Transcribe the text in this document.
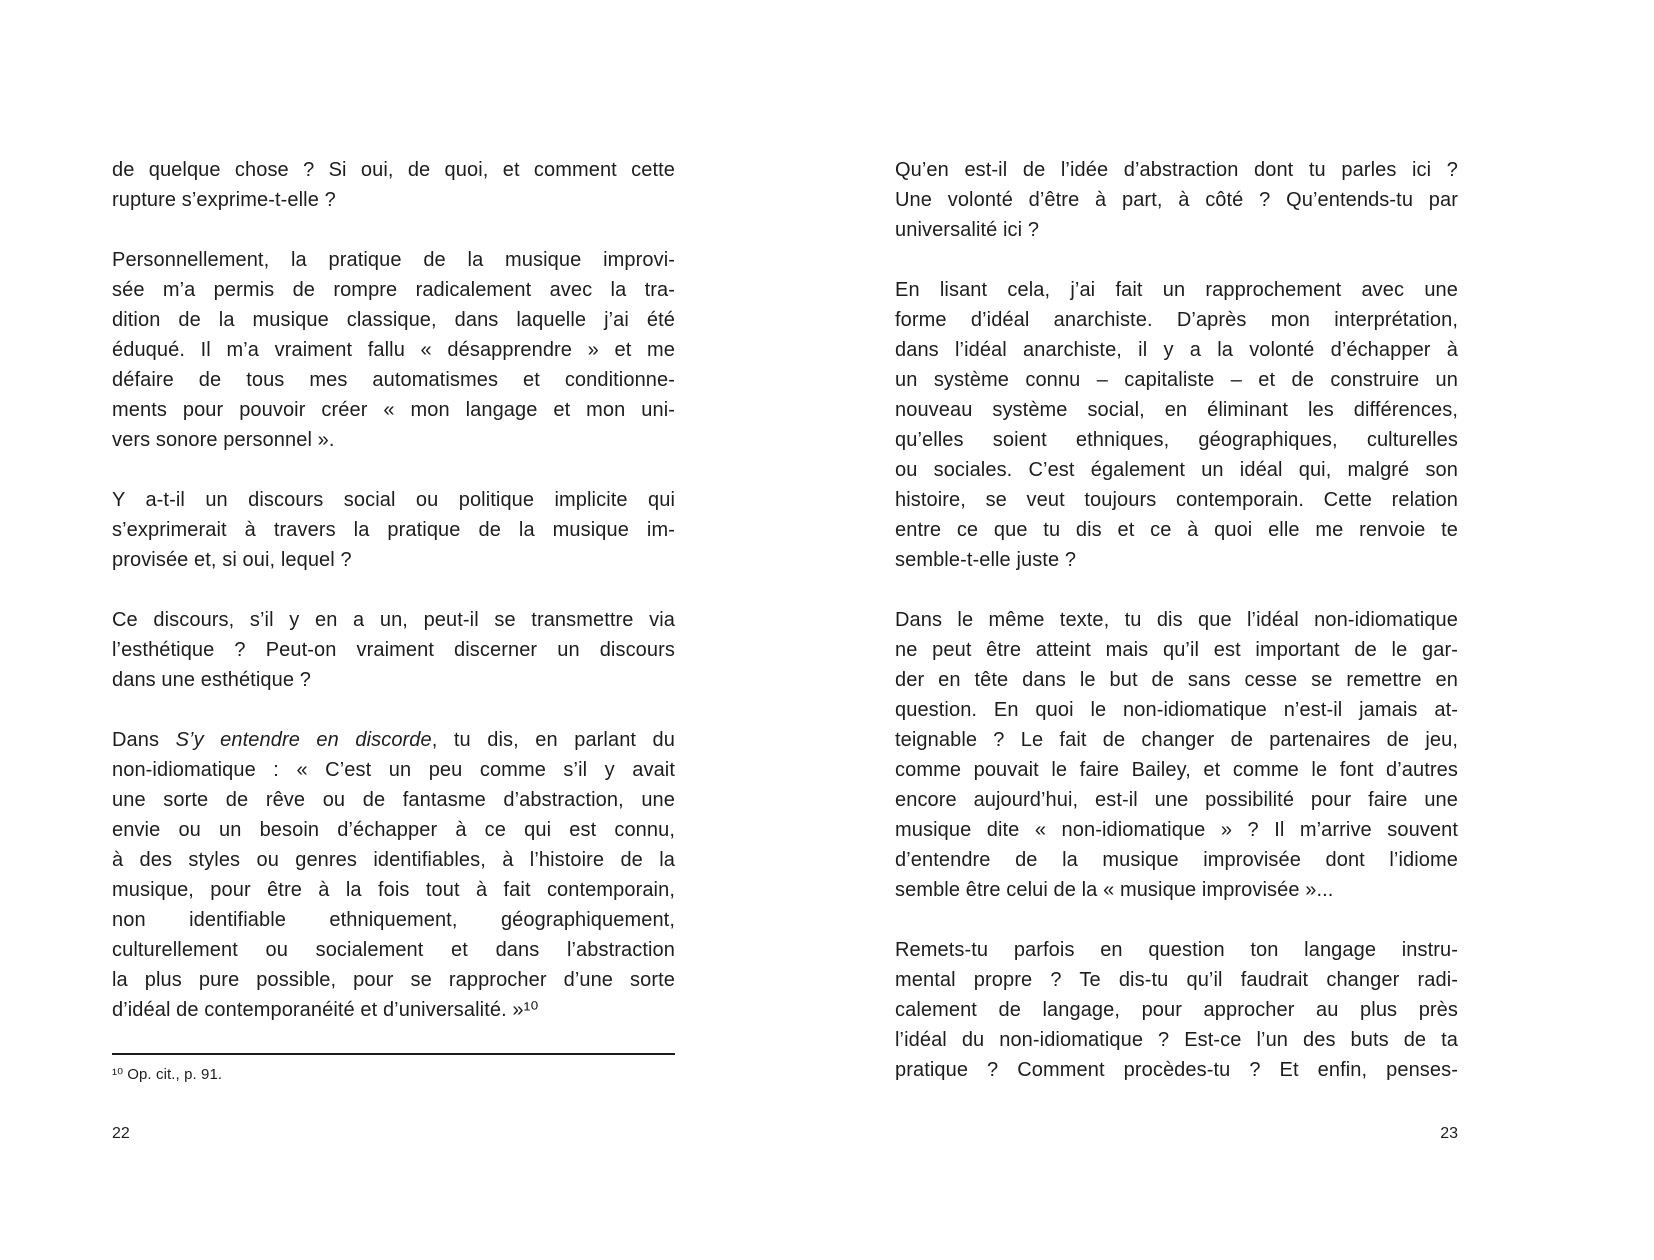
de quelque chose ? Si oui, de quoi, et comment cette
rupture s’exprime-t-elle ?

Personnellement, la pratique de la musique improvi-
sée m’a permis de rompre radicalement avec la tra-
dition de la musique classique, dans laquelle j’ai été
éduqué. Il m’a vraiment fallu « désapprendre » et me
défaire de tous mes automatismes et conditionne-
ments pour pouvoir créer « mon langage et mon uni-
vers sonore personnel ».

Y a-t-il un discours social ou politique implicite qui
s’exprimerait à travers la pratique de la musique im-
provisée et, si oui, lequel ?

Ce discours, s’il y en a un, peut-il se transmettre via
l’esthétique ? Peut-on vraiment discerner un discours
dans une esthétique ?

Dans S’y entendre en discorde, tu dis, en parlant du
non-idiomatique : « C’est un peu comme s’il y avait
une sorte de rêve ou de fantasme d’abstraction, une
envie ou un besoin d’échapper à ce qui est connu,
à des styles ou genres identifiables, à l’histoire de la
musique, pour être à la fois tout à fait contemporain,
non identifiable ethniquement, géographiquement,
culturellement ou socialement et dans l’abstraction
la plus pure possible, pour se rapprocher d’une sorte
d’idéal de contemporanéité et d’universalité. »¹⁰

¹⁰ Op. cit., p. 91.

Qu’en est-il de l’idée d’abstraction dont tu parles ici ?
Une volonté d’être à part, à côté ? Qu’entends-tu par
universalité ici ?

En lisant cela, j’ai fait un rapprochement avec une
forme d’idéal anarchiste. D’après mon interprétation,
dans l’idéal anarchiste, il y a la volonté d’échapper à
un système connu – capitaliste – et de construire un
nouveau système social, en éliminant les différences,
qu’elles soient ethniques, géographiques, culturelles
ou sociales. C’est également un idéal qui, malgré son
histoire, se veut toujours contemporain. Cette relation
entre ce que tu dis et ce à quoi elle me renvoie te
semble-t-elle juste ?

Dans le même texte, tu dis que l’idéal non-idiomatique
ne peut être atteint mais qu’il est important de le gar-
der en tête dans le but de sans cesse se remettre en
question. En quoi le non-idiomatique n’est-il jamais at-
teignable ? Le fait de changer de partenaires de jeu,
comme pouvait le faire Bailey, et comme le font d’autres
encore aujourd’hui, est-il une possibilité pour faire une
musique dite « non-idiomatique » ? Il m’arrive souvent
d’entendre de la musique improvisée dont l’idiome
semble être celui de la « musique improvisée »...

Remets-tu parfois en question ton langage instru-
mental propre ? Te dis-tu qu’il faudrait changer radi-
calement de langage, pour approcher au plus près
l’idéal du non-idiomatique ? Est-ce l’un des buts de ta
pratique ? Comment procèdes-tu ? Et enfin, penses-

22	23
